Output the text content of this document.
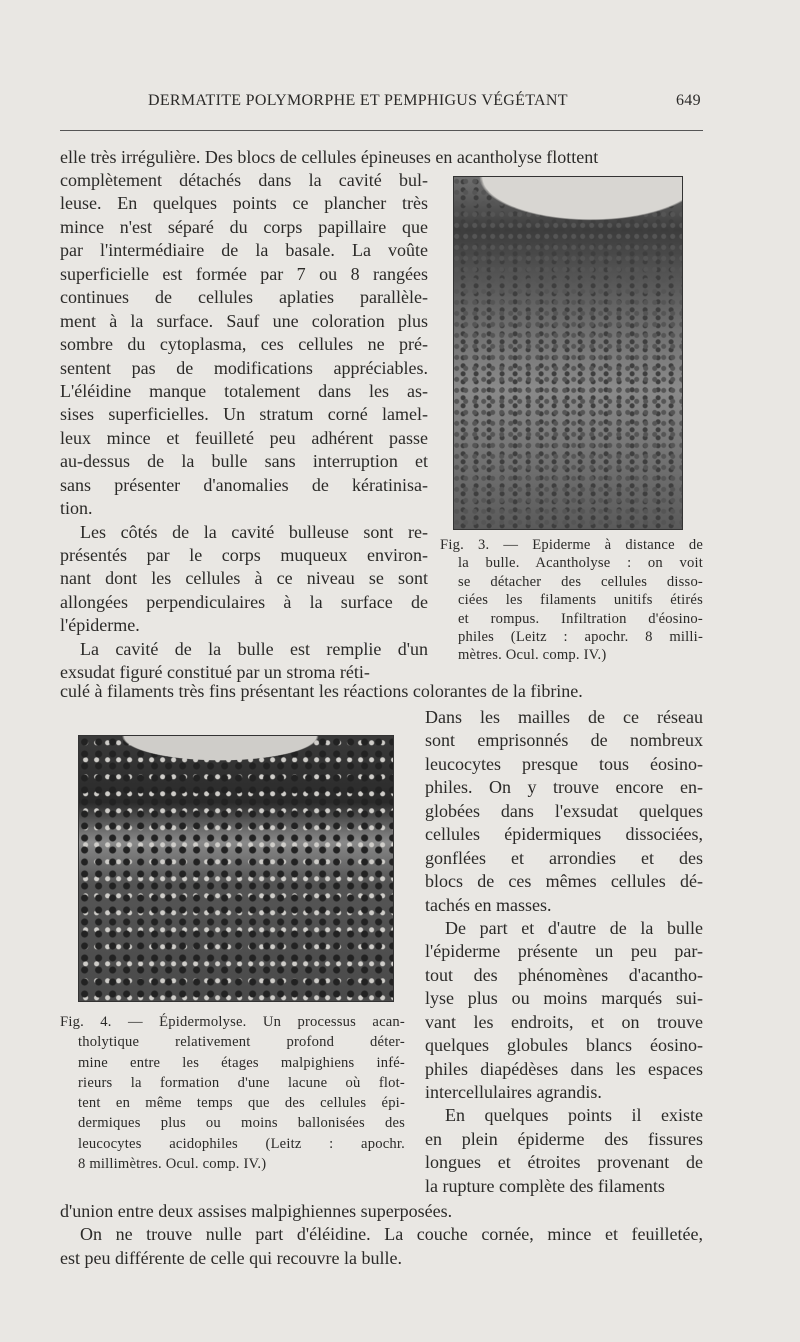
DERMATITE POLYMORPHE ET PEMPHIGUS VÉGÉTANT	649
elle très irrégulière. Des blocs de cellules épineuses en acantholyse flottent
complètement détachés dans la cavité bul-
leuse. En quelques points ce plancher très
mince n'est séparé du corps papillaire que
par l'intermédiaire de la basale. La voûte
superficielle est formée par 7 ou 8 rangées
continues de cellules aplaties parallèle-
ment à la surface. Sauf une coloration plus
sombre du cytoplasma, ces cellules ne pré-
sentent pas de modifications appréciables.
L'éléidine manque totalement dans les as-
sises superficielles. Un stratum corné lamel-
leux mince et feuilleté peu adhérent passe
au-dessus de la bulle sans interruption et
sans présenter d'anomalies de kératinisa-
tion.
Les côtés de la cavité bulleuse sont re-
présentés par le corps muqueux environ-
nant dont les cellules à ce niveau se sont
allongées perpendiculaires à la surface de
l'épiderme.
La cavité de la bulle est remplie d'un
exsudat figuré constitué par un stroma réti-
culé à filaments très fins présentant les réactions colorantes de la fibrine.
Dans les mailles de ce réseau
sont emprisonnés de nombreux
leucocytes presque tous éosino-
philes. On y trouve encore en-
globées dans l'exsudat quelques
cellules épidermiques dissociées,
gonflées et arrondies et des
blocs de ces mêmes cellules dé-
tachés en masses.
De part et d'autre de la bulle
l'épiderme présente un peu par-
tout des phénomènes d'acantho-
lyse plus ou moins marqués sui-
vant les endroits, et on trouve
quelques globules blancs éosino-
philes diapédèses dans les espaces
intercellulaires agrandis.
En quelques points il existe
en plein épiderme des fissures
longues et étroites provenant de
la rupture complète des filaments
d'union entre deux assises malpighiennes superposées.
On ne trouve nulle part d'éléidine. La couche cornée, mince et feuilletée,
est peu différente de celle qui recouvre la bulle.
Fig. 3. — Epiderme à distance de
la bulle. Acantholyse : on voit
se détacher des cellules disso-
ciées les filaments unitifs étirés
et rompus. Infiltration d'éosino-
philes (Leitz : apochr. 8 milli-
mètres. Ocul. comp. IV.)
Fig. 4. — Épidermolyse. Un processus acan-
tholytique relativement profond déter-
mine entre les étages malpighiens infé-
rieurs la formation d'une lacune où flot-
tent en même temps que des cellules épi-
dermiques plus ou moins ballonisées des
leucocytes acidophiles (Leitz : apochr.
8 millimètres. Ocul. comp. IV.)
